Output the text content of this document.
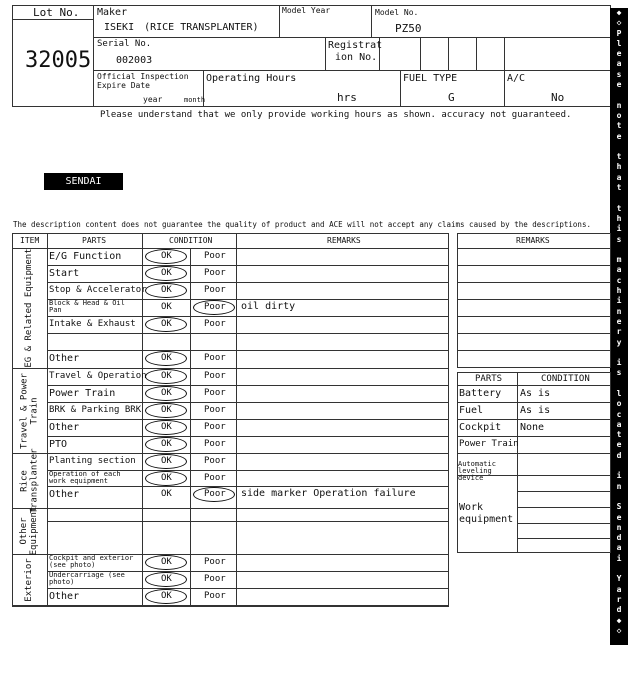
Lot No.
32005
Maker
ISEKI　(RICE TRANSPLANTER)
Model Year	Model No.
PZ50
Serial No.
002003
Registrat
ion No.
Official Inspection
Expire Date
year	month
Operating Hours
hrs
FUEL TYPE
G
A/C
No
Please understand that we only provide working hours as shown. accuracy not guaranteed.
SENDAI
The description content does not guarantee the quality of product and ACE will not accept any claims caused by the descriptions.
◆
◇
P
l
e
a
s
e
n
o
t
e
t
h
a
t
t
h
i
s
m
a
c
h
i
n
e
r
y
i
s
l
o
c
a
t
e
d
i
n
S
e
n
d
a
i
Y
a
r
d
◆
◇
ITEM	PARTS	CONDITION	REMARKS
EG & Related Equipment	E/G Function	OK	Poor
Start	OK	Poor
Stop & Accelerator OK	Poor
Block & Head & Oil Pan	OK	Poor oil dirty
Intake & Exhaust	OK	Poor
Other	OK	Poor
Travel & Power Train
Travel & Operation OK	Poor
Power Train	OK	Poor
BRK & Parking BRK OK	Poor
Other	OK	Poor
PTO	OK	Poor
Rice Transplanter Planting section	OK	Poor
Operation of each work equipment	OK	Poor
Other	OK	Poor side marker Operation failure
Other Equipment
Exterior
Cockpit and exterior (see photo)	OK	Poor
Undercarriage (see photo)	OK	Poor
Other	OK	Poor
REMARKS
PARTS	CONDITION
Battery As is
Fuel	As is
Cockpit None
Power Train
Automatic leveling device
Work equipment
